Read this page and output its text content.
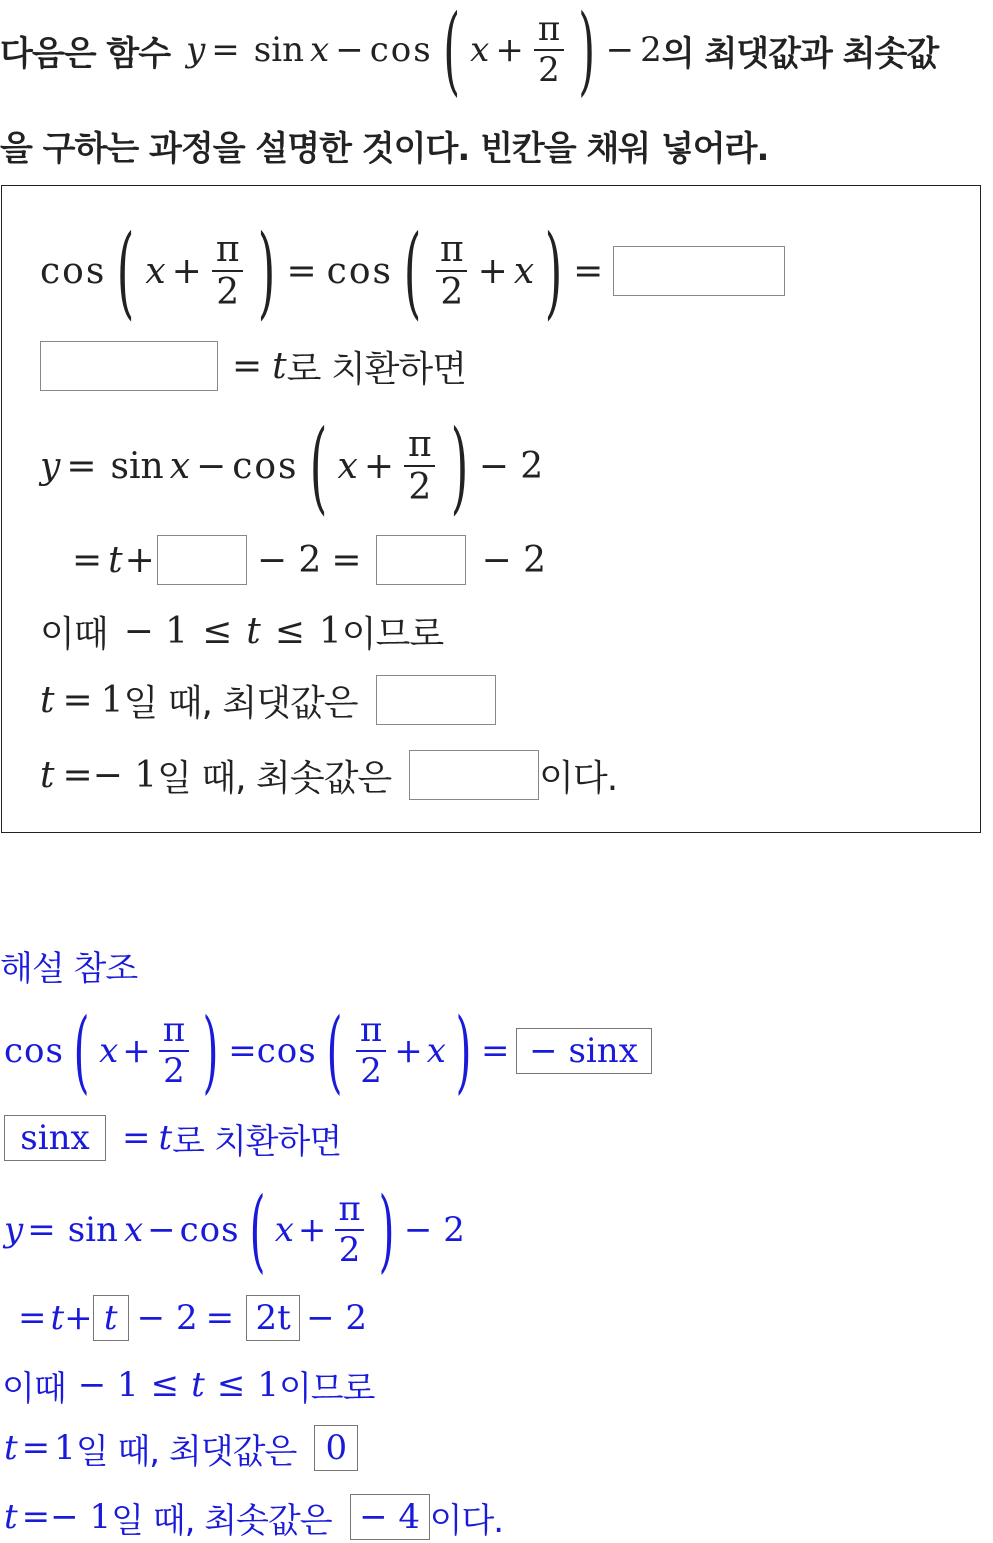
다음은 함수 y = sin x − cos ( $x + \frac{\pi}{2}$ ) − 2 의 최댓값과 최솟값
을 구하는 과정을 설명한 것이다. 빈칸을 채워 넣어라.
cos ( $x + \frac{\pi}{2}$ ) = cos ( $\frac{\pi}{2} + x$ ) =
= t 로 치환하면
y = sin x − cos ( $x + \frac{\pi}{2}$ ) − 2
= t +	− 2 =	− 2
이때 − 1 ≤ t ≤ 1 이므로
t = 1 일 때, 최댓값은
t =− 1 일 때, 최솟값은	이다.
해설 참조
cos ( $x + \frac{\pi}{2}$ ) = cos ( $\frac{\pi}{2} + x$ ) = − sinx
sinx = t 로 치환하면
y = sin x − cos ( $x + \frac{\pi}{2}$ ) − 2
= t + t − 2 = 2t − 2
이때 − 1 ≤ t ≤ 1 이므로
t = 1 일 때, 최댓값은 0
t =− 1 일 때, 최솟값은 − 4 이다.
